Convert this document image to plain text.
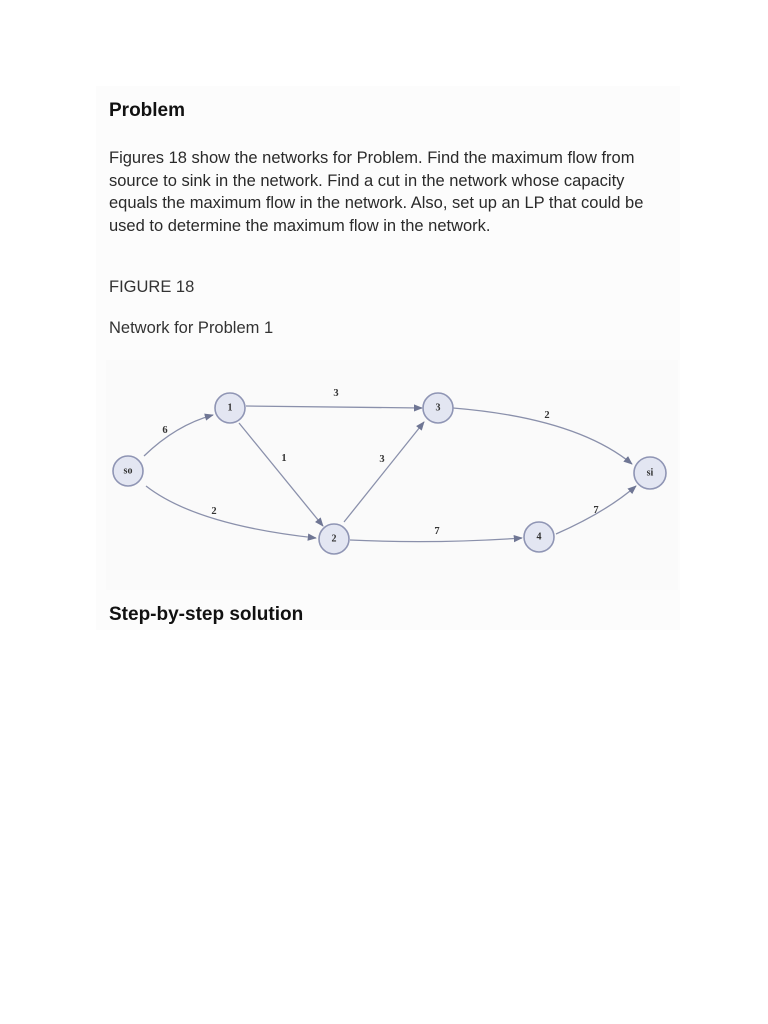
Problem

Figures 18 show the networks for Problem. Find the maximum flow from source to sink in the network. Find a cut in the network whose capacity equals the maximum flow in the network. Also, set up an LP that could be used to determine the maximum flow in the network.

FIGURE 18

Network for Problem 1

6
2
3
1	3
7
2
7
so
1
2
3
4
si
Step-by-step solution
